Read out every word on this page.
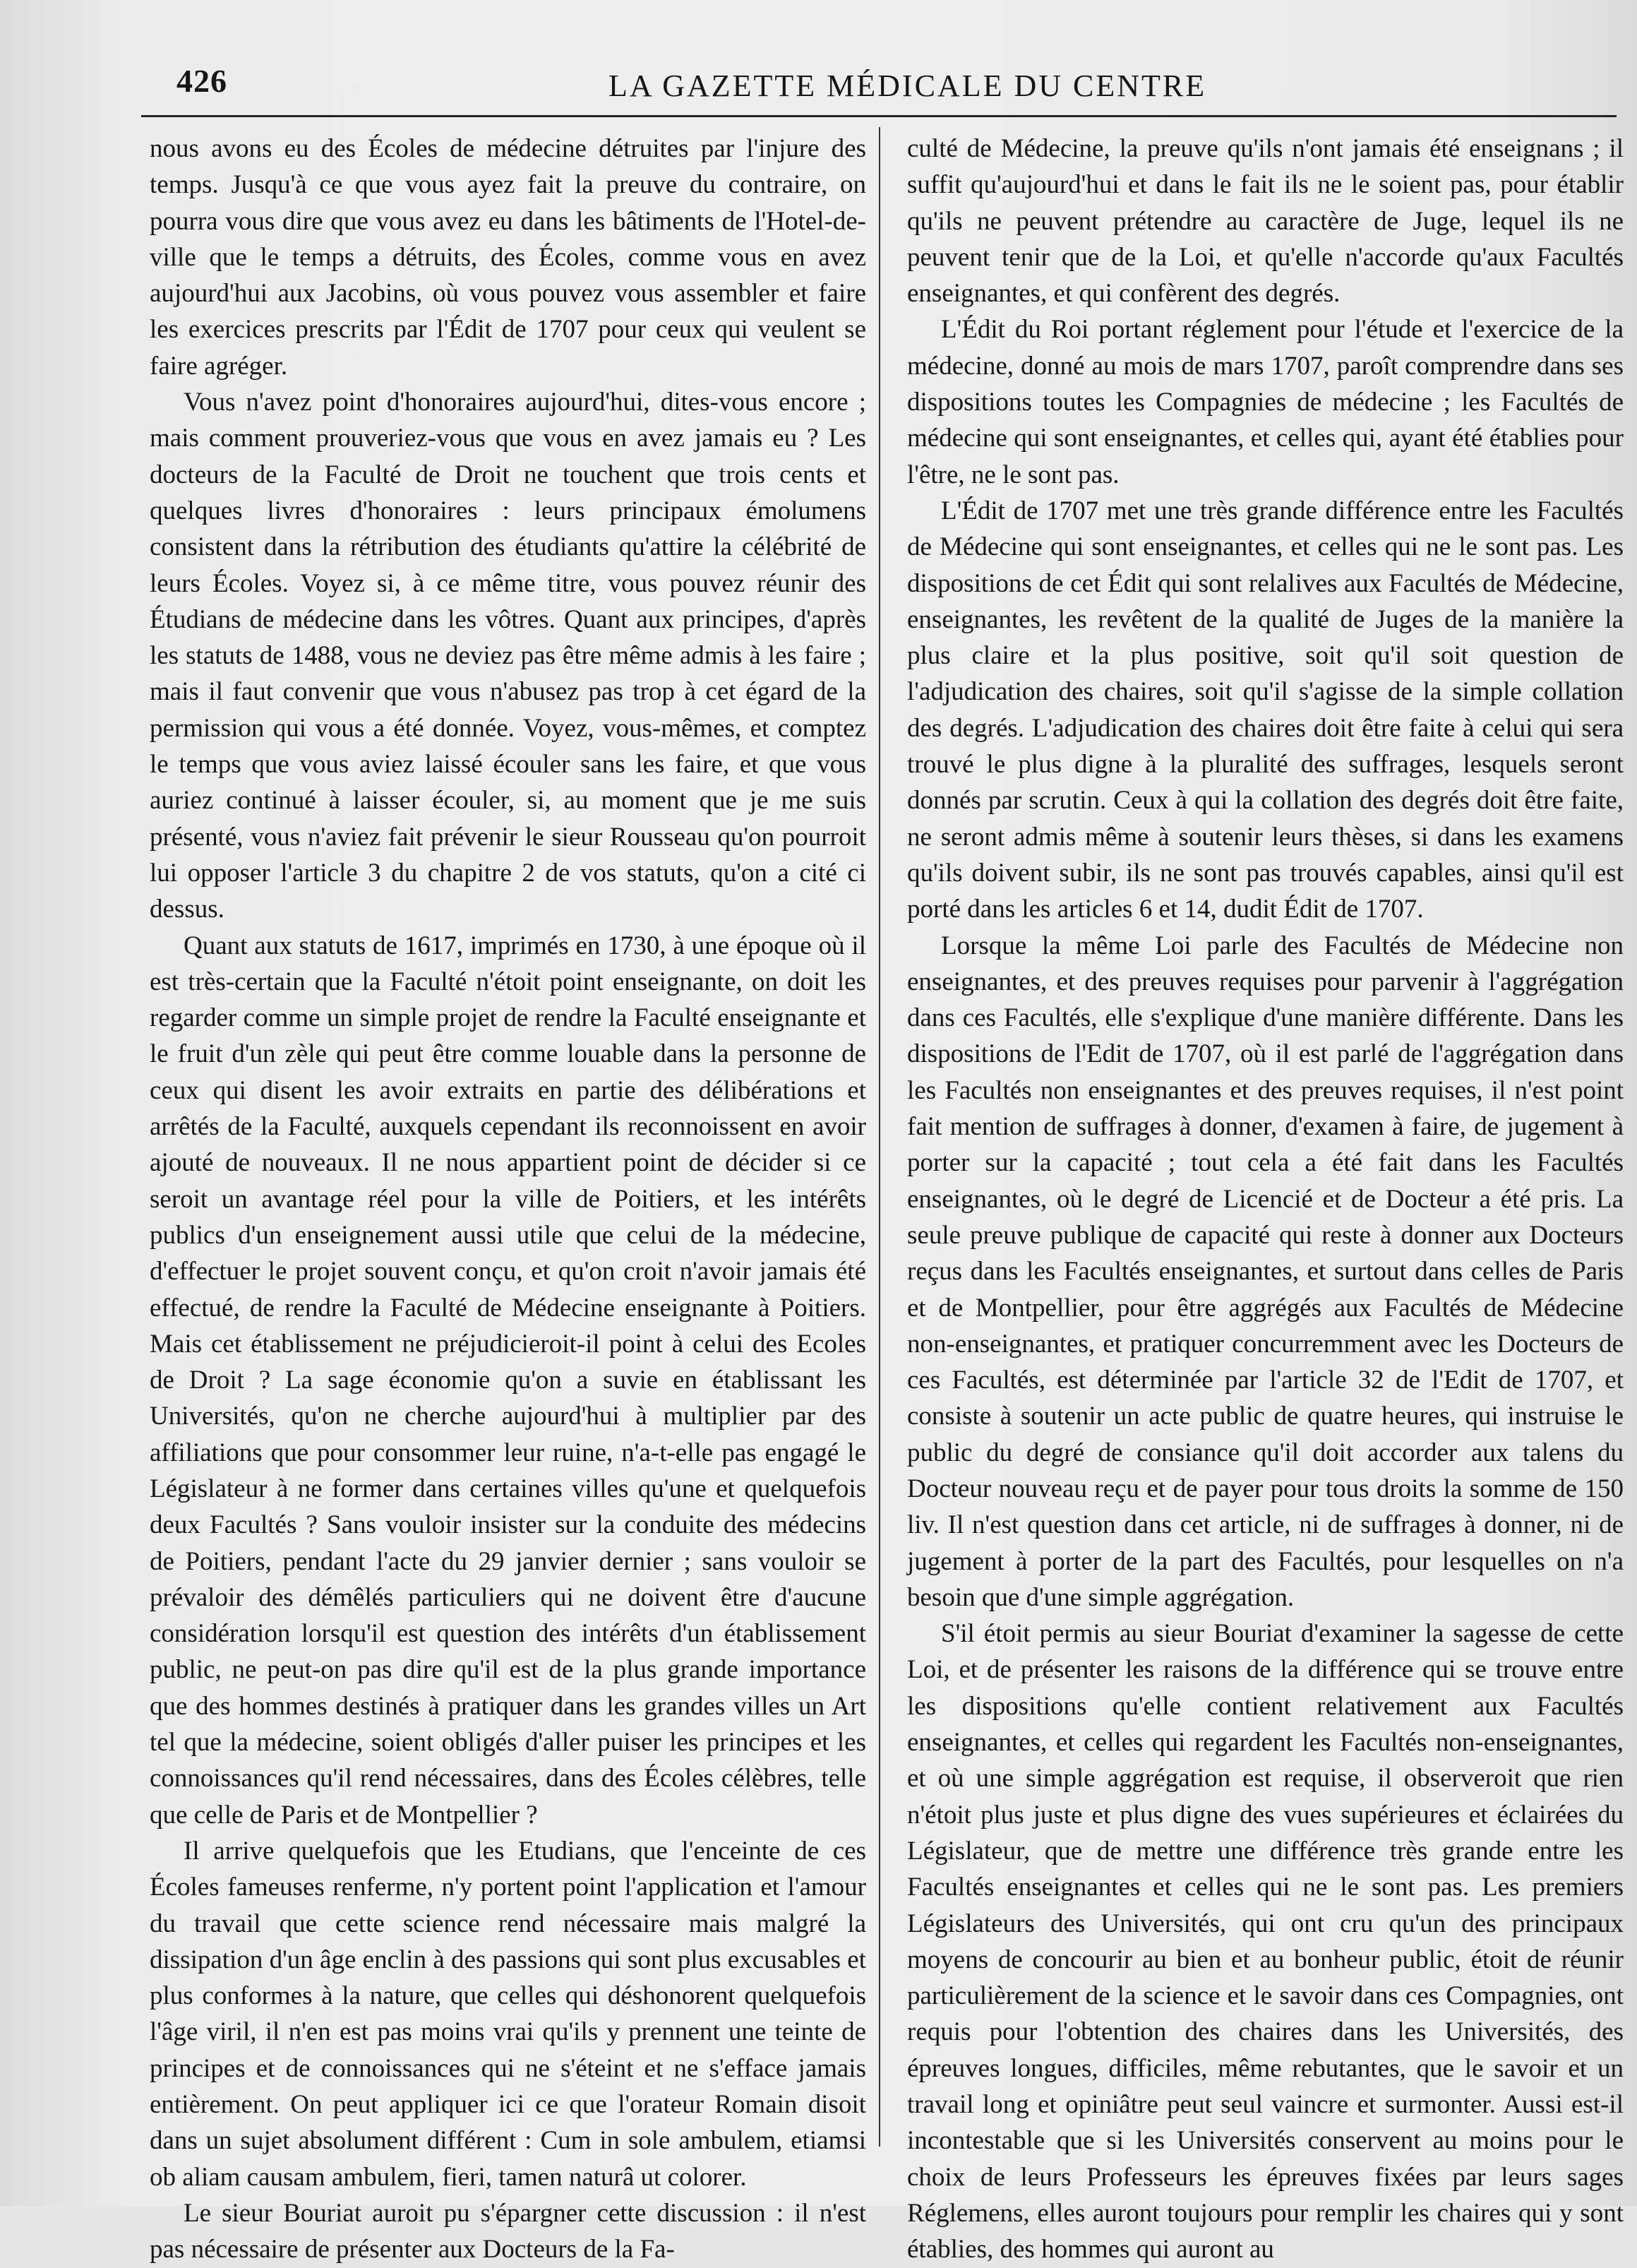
426	LA GAZETTE MÉDICALE DU CENTRE

nous avons eu des Écoles de médecine détruites par l'injure des temps. Jusqu'à ce que vous ayez fait la preuve du contraire, on pourra vous dire que vous avez eu dans les bâtiments de l'Hotel-de-ville que le temps a détruits, des Écoles, comme vous en avez aujourd'hui aux Jacobins, où vous pouvez vous assembler et faire les exercices prescrits par l'Édit de 1707 pour ceux qui veulent se faire agréger.

Vous n'avez point d'honoraires aujourd'hui, dites-vous encore ; mais comment prouveriez-vous que vous en avez jamais eu ? Les docteurs de la Faculté de Droit ne touchent que trois cents et quelques livres d'honoraires : leurs principaux émolumens consistent dans la rétribution des étudiants qu'attire la célébrité de leurs Écoles. Voyez si, à ce même titre, vous pouvez réunir des Étudians de médecine dans les vôtres. Quant aux principes, d'après les statuts de 1488, vous ne deviez pas être même admis à les faire ; mais il faut convenir que vous n'abusez pas trop à cet égard de la permission qui vous a été donnée. Voyez, vous-mêmes, et comptez le temps que vous aviez laissé écouler sans les faire, et que vous auriez continué à laisser écouler, si, au moment que je me suis présenté, vous n'aviez fait prévenir le sieur Rousseau qu'on pourroit lui opposer l'article 3 du chapitre 2 de vos statuts, qu'on a cité ci dessus.

Quant aux statuts de 1617, imprimés en 1730, à une époque où il est très-certain que la Faculté n'étoit point enseignante, on doit les regarder comme un simple projet de rendre la Faculté enseignante et le fruit d'un zèle qui peut être comme louable dans la personne de ceux qui disent les avoir extraits en partie des délibérations et arrêtés de la Faculté, auxquels cependant ils reconnoissent en avoir ajouté de nouveaux. Il ne nous appartient point de décider si ce seroit un avantage réel pour la ville de Poitiers, et les intérêts publics d'un enseignement aussi utile que celui de la médecine, d'effectuer le projet souvent conçu, et qu'on croit n'avoir jamais été effectué, de rendre la Faculté de Médecine enseignante à Poitiers. Mais cet établissement ne préjudicieroit-il point à celui des Ecoles de Droit ? La sage économie qu'on a suvie en établissant les Universités, qu'on ne cherche aujourd'hui à multiplier par des affiliations que pour consommer leur ruine, n'a-t-elle pas engagé le Législateur à ne former dans certaines villes qu'une et quelquefois deux Facultés ? Sans vouloir insister sur la conduite des médecins de Poitiers, pendant l'acte du 29 janvier dernier ; sans vouloir se prévaloir des démêlés particuliers qui ne doivent être d'aucune considération lorsqu'il est question des intérêts d'un établissement public, ne peut-on pas dire qu'il est de la plus grande importance que des hommes destinés à pratiquer dans les grandes villes un Art tel que la médecine, soient obligés d'aller puiser les principes et les connoissances qu'il rend nécessaires, dans des Écoles célèbres, telle que celle de Paris et de Montpellier ?

Il arrive quelquefois que les Etudians, que l'enceinte de ces Écoles fameuses renferme, n'y portent point l'application et l'amour du travail que cette science rend nécessaire mais malgré la dissipation d'un âge enclin à des passions qui sont plus excusables et plus conformes à la nature, que celles qui déshonorent quelquefois l'âge viril, il n'en est pas moins vrai qu'ils y prennent une teinte de principes et de connoissances qui ne s'éteint et ne s'efface jamais entièrement. On peut appliquer ici ce que l'orateur Romain disoit dans un sujet absolument différent : Cum in sole ambulem, etiamsi ob aliam causam ambulem, fieri, tamen naturâ ut colorer.

Le sieur Bouriat auroit pu s'épargner cette discussion : il n'est pas nécessaire de présenter aux Docteurs de la Fa-

culté de Médecine, la preuve qu'ils n'ont jamais été enseignans ; il suffit qu'aujourd'hui et dans le fait ils ne le soient pas, pour établir qu'ils ne peuvent prétendre au caractère de Juge, lequel ils ne peuvent tenir que de la Loi, et qu'elle n'accorde qu'aux Facultés enseignantes, et qui confèrent des degrés.

L'Édit du Roi portant réglement pour l'étude et l'exercice de la médecine, donné au mois de mars 1707, paroît comprendre dans ses dispositions toutes les Compagnies de médecine ; les Facultés de médecine qui sont enseignantes, et celles qui, ayant été établies pour l'être, ne le sont pas.

L'Édit de 1707 met une très grande différence entre les Facultés de Médecine qui sont enseignantes, et celles qui ne le sont pas. Les dispositions de cet Édit qui sont relalives aux Facultés de Médecine, enseignantes, les revêtent de la qualité de Juges de la manière la plus claire et la plus positive, soit qu'il soit question de l'adjudication des chaires, soit qu'il s'agisse de la simple collation des degrés. L'adjudication des chaires doit être faite à celui qui sera trouvé le plus digne à la pluralité des suffrages, lesquels seront donnés par scrutin. Ceux à qui la collation des degrés doit être faite, ne seront admis même à soutenir leurs thèses, si dans les examens qu'ils doivent subir, ils ne sont pas trouvés capables, ainsi qu'il est porté dans les articles 6 et 14, dudit Édit de 1707.

Lorsque la même Loi parle des Facultés de Médecine non enseignantes, et des preuves requises pour parvenir à l'aggrégation dans ces Facultés, elle s'explique d'une manière différente. Dans les dispositions de l'Edit de 1707, où il est parlé de l'aggrégation dans les Facultés non enseignantes et des preuves requises, il n'est point fait mention de suffrages à donner, d'examen à faire, de jugement à porter sur la capacité ; tout cela a été fait dans les Facultés enseignantes, où le degré de Licencié et de Docteur a été pris. La seule preuve publique de capacité qui reste à donner aux Docteurs reçus dans les Facultés enseignantes, et surtout dans celles de Paris et de Montpellier, pour être aggrégés aux Facultés de Médecine non-enseignantes, et pratiquer concurremment avec les Docteurs de ces Facultés, est déterminée par l'article 32 de l'Edit de 1707, et consiste à soutenir un acte public de quatre heures, qui instruise le public du degré de consiance qu'il doit accorder aux talens du Docteur nouveau reçu et de payer pour tous droits la somme de 150 liv. Il n'est question dans cet article, ni de suffrages à donner, ni de jugement à porter de la part des Facultés, pour lesquelles on n'a besoin que d'une simple aggrégation.

S'il étoit permis au sieur Bouriat d'examiner la sagesse de cette Loi, et de présenter les raisons de la différence qui se trouve entre les dispositions qu'elle contient relativement aux Facultés enseignantes, et celles qui regardent les Facultés non-enseignantes, et où une simple aggrégation est requise, il observeroit que rien n'étoit plus juste et plus digne des vues supérieures et éclairées du Législateur, que de mettre une différence très grande entre les Facultés enseignantes et celles qui ne le sont pas. Les premiers Législateurs des Universités, qui ont cru qu'un des principaux moyens de concourir au bien et au bonheur public, étoit de réunir particulièrement de la science et le savoir dans ces Compagnies, ont requis pour l'obtention des chaires dans les Universités, des épreuves longues, difficiles, même rebutantes, que le savoir et un travail long et opiniâtre peut seul vaincre et surmonter. Aussi est-il incontestable que si les Universités conservent au moins pour le choix de leurs Professeurs les épreuves fixées par leurs sages Réglemens, elles auront toujours pour remplir les chaires qui y sont établies, des hommes qui auront au
